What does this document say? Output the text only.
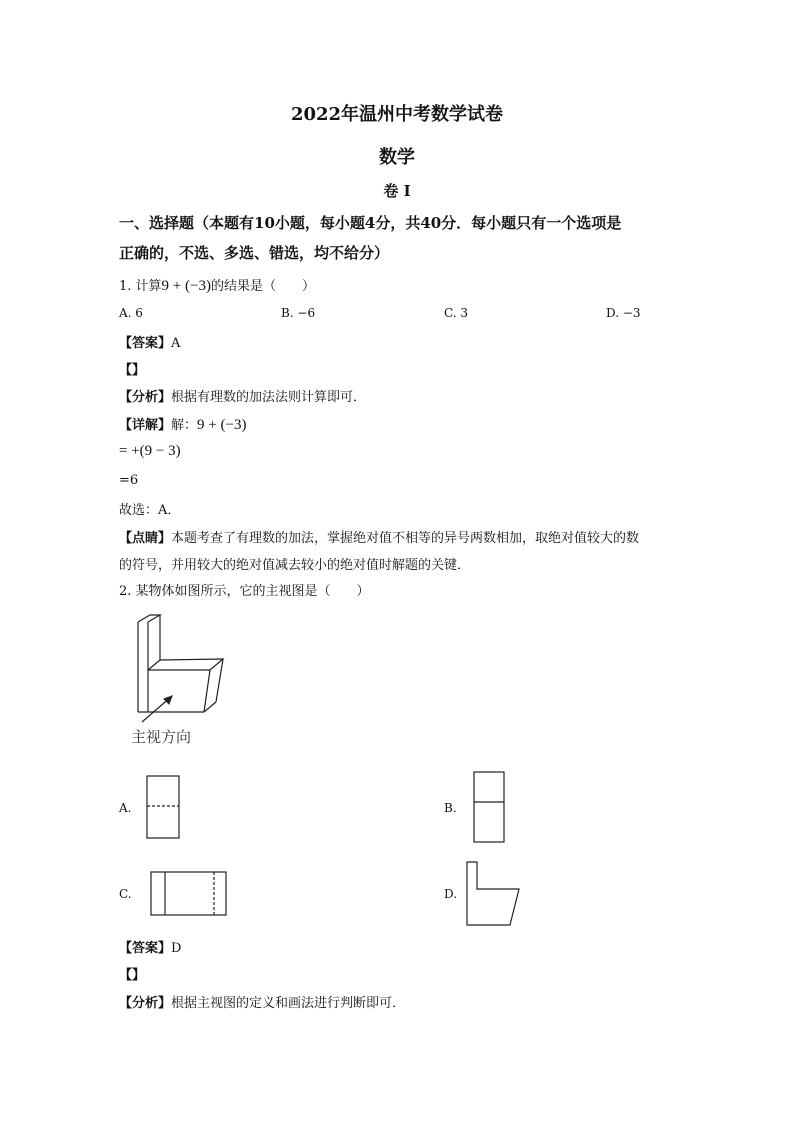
2022年温州中考数学试卷
数学
卷 I
一、选择题（本题有10小题，每小题4分，共40分．每小题只有一个选项是
正确的，不选、多选、错选，均不给分）
1. 计算9 + (−3)的结果是（　　）
A. 6	B. −6	C. 3	D. −3
【答案】A
【】
【分析】根据有理数的加法法则计算即可．
【详解】解：9 + (−3)
= +(9 − 3)
=6
故选：A．
【点睛】本题考查了有理数的加法，掌握绝对值不相等的异号两数相加，取绝对值较大的数
的符号，并用较大的绝对值减去较小的绝对值时解题的关键．
2. 某物体如图所示，它的主视图是（　　）
主视方向
A.	B.
C.	D.
【答案】D
【】
【分析】根据主视图的定义和画法进行判断即可．
